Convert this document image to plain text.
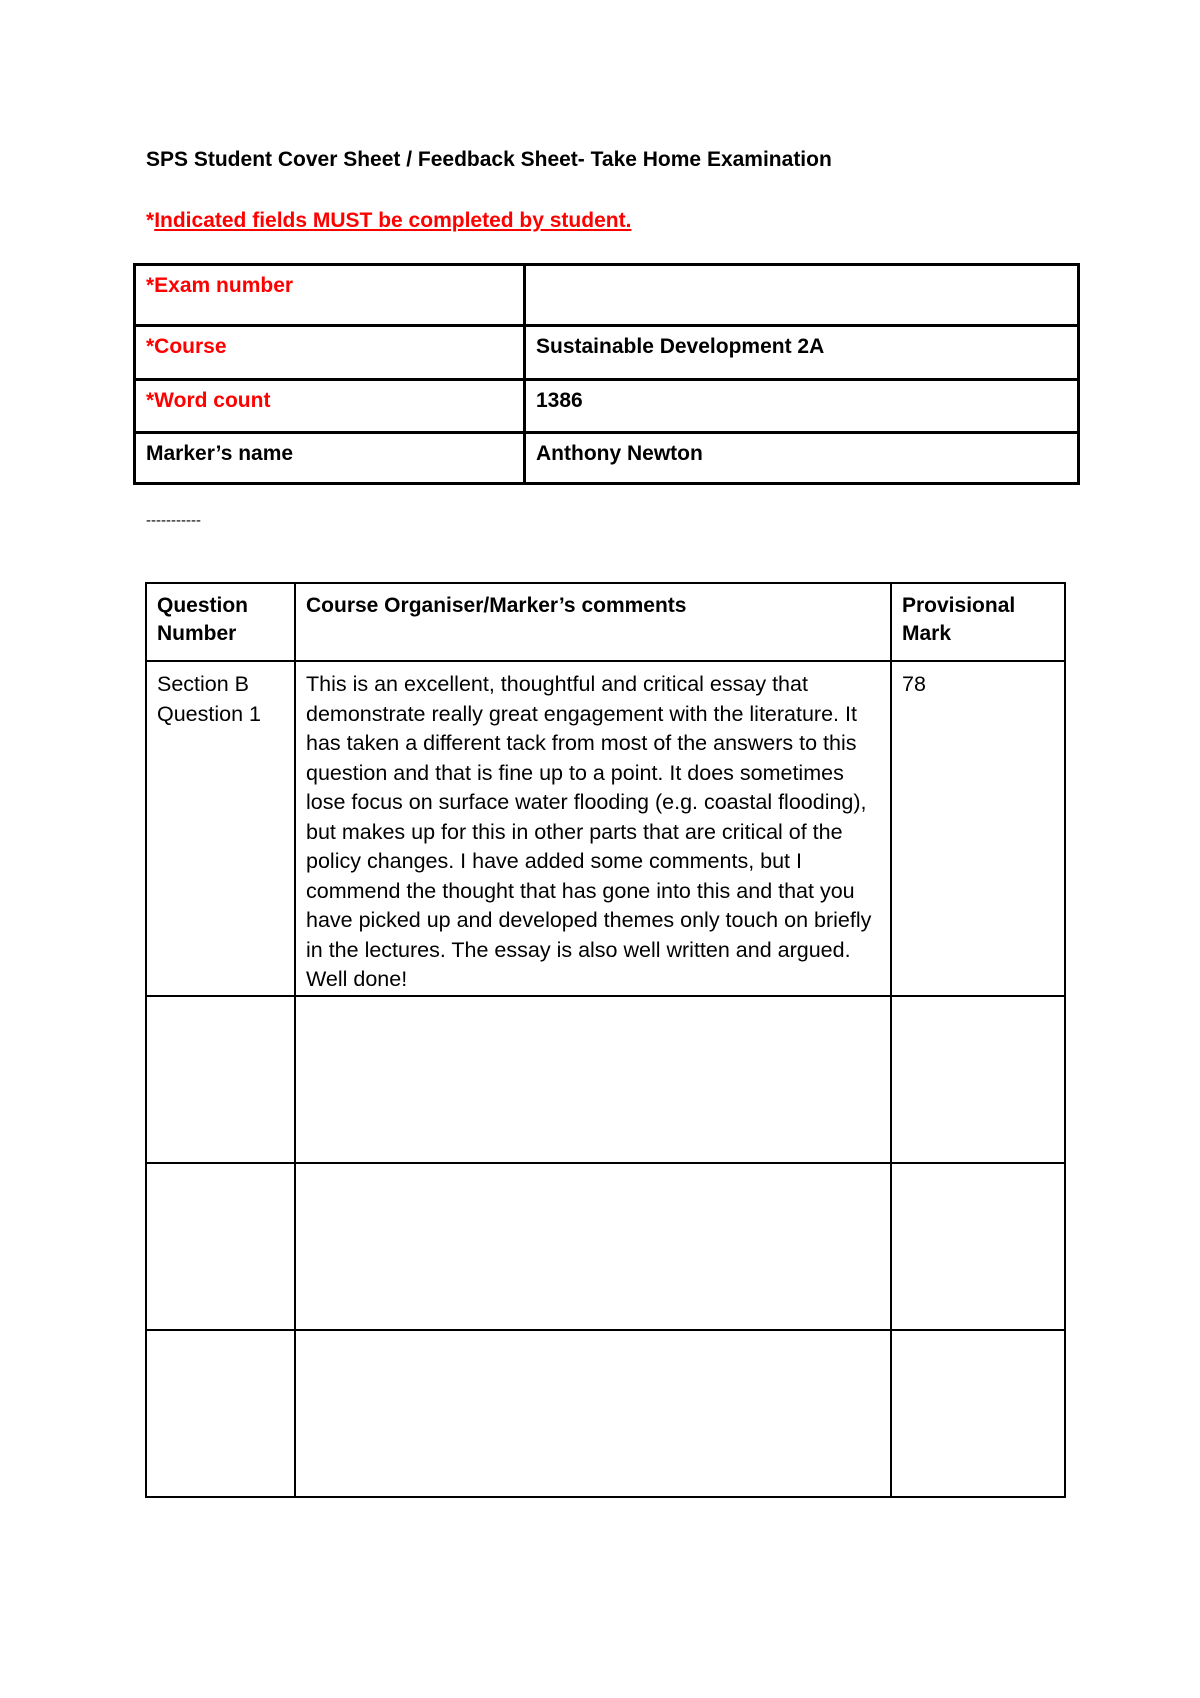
SPS Student Cover Sheet / Feedback Sheet- Take Home Examination
*Indicated fields MUST be completed by student.
*Exam number	
*Course	Sustainable Development 2A
*Word count	1386
Marker’s name	Anthony Newton
-----------
Question Number	Course Organiser/Marker’s comments	Provisional Mark
Section B Question 1	This is an excellent, thoughtful and critical essay that demonstrate really great engagement with the literature. It has taken a different tack from most of the answers to this question and that is fine up to a point. It does sometimes lose focus on surface water flooding (e.g. coastal flooding), but makes up for this in other parts that are critical of the policy changes. I have added some comments, but I commend the thought that has gone into this and that you have picked up and developed themes only touch on briefly in the lectures. The essay is also well written and argued. Well done!	78
